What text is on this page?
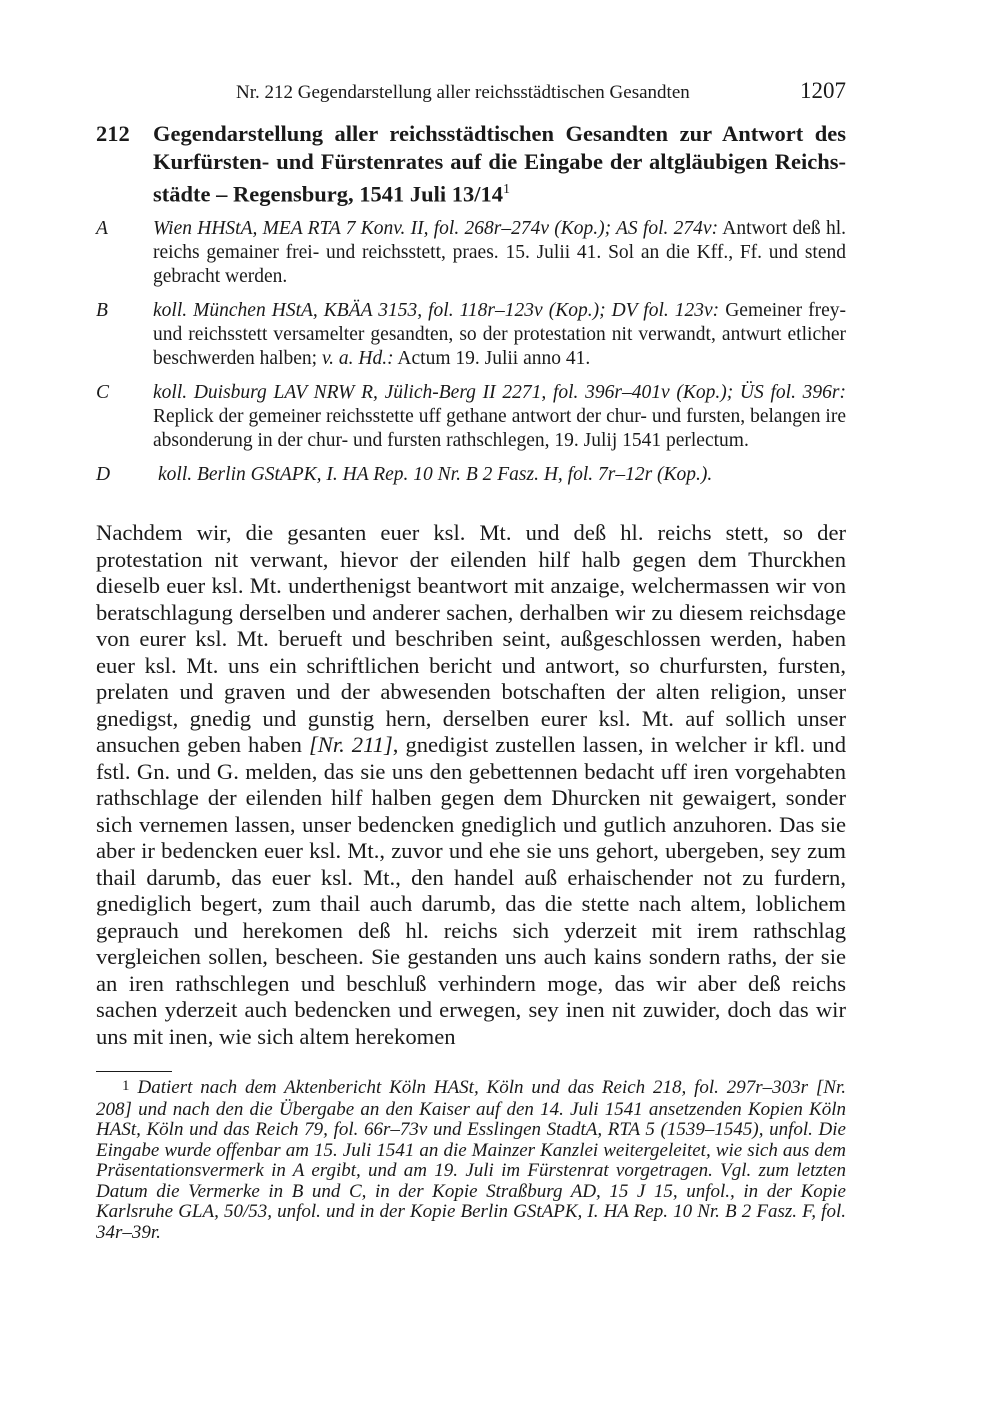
Nr. 212 Gegendarstellung aller reichsstädtischen Gesandten	1207
212 Gegendarstellung aller reichsstädtischen Gesandten zur Antwort des Kurfürsten- und Fürstenrates auf die Eingabe der altgläubigen Reichsstädte – Regensburg, 1541 Juli $13/14^1$
A Wien HHStA, MEA RTA 7 Konv. II, fol. 268r–274v (Kop.); AS fol. 274v: Antwort deß hl. reichs gemainer frei- und reichsstett, praes. 15. Julii 41. Sol an die Kff., Ff. und stend gebracht werden.
B koll. München HStA, KBÄA 3153, fol. 118r–123v (Kop.); DV fol. 123v: Gemeiner frey- und reichsstett versamelter gesandten, so der protestation nit verwandt, antwurt etlicher beschwerden halben; v. a. Hd.: Actum 19. Julii anno 41.
C koll. Duisburg LAV NRW R, Jülich-Berg II 2271, fol. 396r–401v (Kop.); ÜS fol. 396r: Replick der gemeiner reichsstette uff gethane antwort der chur- und fursten, belangen ire absonderung in der chur- und fursten rathschlegen, 19. Julij 1541 perlectum.
D koll. Berlin GStAPK, I. HA Rep. 10 Nr. B 2 Fasz. H, fol. 7r–12r (Kop.).
Nachdem wir, die gesanten euer ksl. Mt. und deß hl. reichs stett, so der protestation nit verwant, hievor der eilenden hilf halb gegen dem Thurckhen dieselb euer ksl. Mt. underthenigst beantwort mit anzaige, welchermassen wir von beratschlagung derselben und anderer sachen, derhalben wir zu diesem reichsdage von eurer ksl. Mt. berueft und beschriben seint, außgeschlossen werden, haben euer ksl. Mt. uns ein schriftlichen bericht und antwort, so churfursten, fursten, prelaten und graven und der abwesenden botschaften der alten religion, unser gnedigst, gnedig und gunstig hern, derselben eurer ksl. Mt. auf sollich unser ansuchen geben haben [Nr. 211], gnedigist zustellen lassen, in welcher ir kfl. und fstl. Gn. und G. melden, das sie uns den gebettennen bedacht uff iren vorgehabten rathschlage der eilenden hilf halben gegen dem Dhurcken nit gewaigert, sonder sich vernemen lassen, unser bedencken gnediglich und gutlich anzuhoren. Das sie aber ir bedencken euer ksl. Mt., zuvor und ehe sie uns gehort, ubergeben, sey zum thail darumb, das euer ksl. Mt., den handel auß erhaischender not zu furdern, gnediglich begert, zum thail auch darumb, das die stette nach altem, loblichem geprauch und herekomen deß hl. reichs sich yderzeit mit irem rathschlag vergleichen sollen, bescheen. Sie gestanden uns auch kains sondern raths, der sie an iren rathschlegen und beschluß verhindern moge, das wir aber deß reichs sachen yderzeit auch bedencken und erwegen, sey inen nit zuwider, doch das wir uns mit inen, wie sich altem herekomen
1 Datiert nach dem Aktenbericht Köln HASt, Köln und das Reich 218, fol. 297r–303r [Nr. 208] und nach den die Übergabe an den Kaiser auf den 14. Juli 1541 ansetzenden Kopien Köln HASt, Köln und das Reich 79, fol. 66r–73v und Esslingen StadtA, RTA 5 (1539–1545), unfol. Die Eingabe wurde offenbar am 15. Juli 1541 an die Mainzer Kanzlei weitergeleitet, wie sich aus dem Präsentationsvermerk in A ergibt, und am 19. Juli im Fürstenrat vorgetragen. Vgl. zum letzten Datum die Vermerke in B und C, in der Kopie Straßburg AD, 15 J 15, unfol., in der Kopie Karlsruhe GLA, 50/53, unfol. und in der Kopie Berlin GStAPK, I. HA Rep. 10 Nr. B 2 Fasz. F, fol. 34r–39r.
